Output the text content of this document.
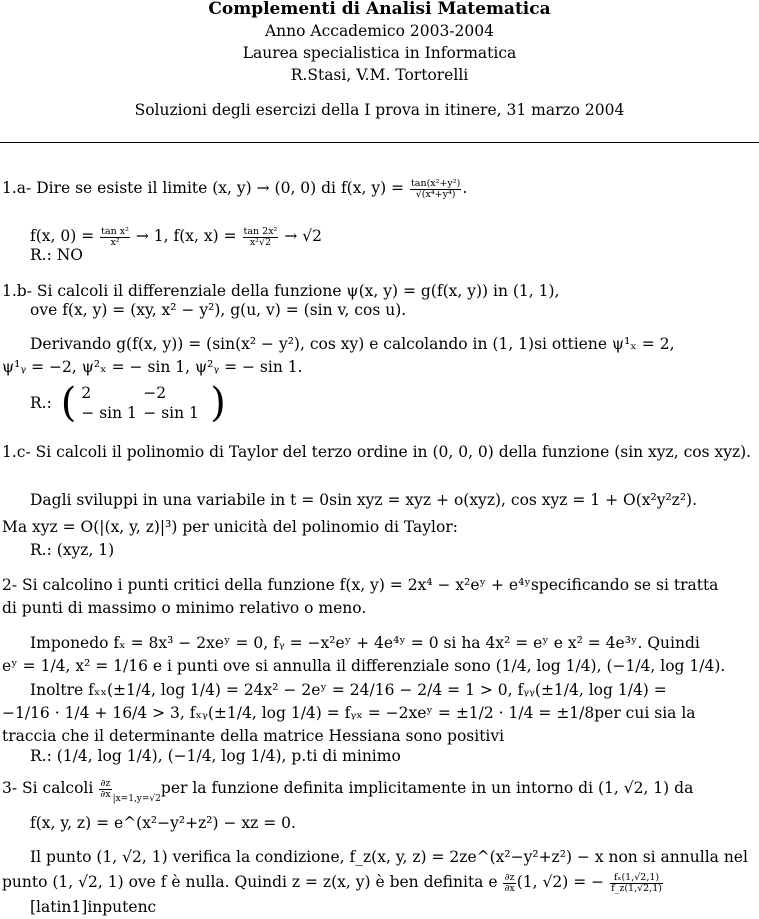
Complementi di Analisi Matematica
Anno Accademico 2003-2004
Laurea specialistica in Informatica
R.Stasi, V.M. Tortorelli
Soluzioni degli esercizi della I prova in itinere, 31 marzo 2004
1.a- Dire se esiste il limite (x, y) → (0, 0) di f(x, $y) = \frac{\text{tan(x²+y²)}}{\text{√(x⁴+y⁴)}}$ .
f(x, $0) = \frac{\text{tan x²}}{\text{x²}} \to 1$, f(x, $x) = \frac{\text{tan 2x²}}{\text{x²√2}} \to √2$
R.: NO
1.b- Si calcoli il differenziale della funzione ψ(x, y) = g(f(x, y)) in (1, 1),
ove f(x, y) = (xy, x² − y²), g(u, v) = (sin v, cos u).
Derivando g(f(x, y)) = (sin(x² − y²), cos xy) e calcolando in (1, 1)si ottiene ψ¹ₓ = 2,
ψ¹ᵧ = −2, ψ²ₓ = − sin 1, ψ²ᵧ = − sin 1.
R.: ( 2	−2
− sin 1 − sin 1 )
1.c- Si calcoli il polinomio di Taylor del terzo ordine in (0, 0, 0) della funzione (sin xyz, cos xyz).
Dagli sviluppi in una variabile in t = 0sin xyz = xyz + o(xyz), cos xyz = 1 + O(x²y²z²).
Ma xyz = O(|(x, y, z)|³) per unicità del polinomio di Taylor:
R.: (xyz, 1)
2- Si calcolino i punti critici della funzione f(x, y) = 2x⁴ − x²eʸ + e⁴ʸspecificando se si tratta
di punti di massimo o minimo relativo o meno.
Imponedo fₓ = 8x³ − 2xeʸ = 0, fᵧ = −x²eʸ + 4e⁴ʸ = 0 si ha 4x² = eʸ e x² = 4e³ʸ. Quindi
eʸ = 1/4, x² = 1/16 e i punti ove si annulla il differenziale sono (1/4, log 1/4), (−1/4, log 1/4).
Inoltre fₓₓ(±1/4, log 1/4) = 24x² − 2eʸ = 24/16 − 2/4 = 1 > 0, fᵧᵧ(±1/4, log 1/4) =
−1/16 · 1/4 + 16/4 > 3, fₓᵧ(±1/4, log 1/4) = fᵧₓ = −2xeʸ = ±1/2 · 1/4 = ±1/8per cui sia la
traccia che il determinante della matrice Hessiana sono positivi
R.: (1/4, log 1/4), (−1/4, log 1/4), p.ti di minimo
3- Si calcoli $\frac{\partial z}{\partial x} _{|x=1,y=√2}per$ la funzione definita implicitamente in un intorno di (1, √2, 1) da
f(x, y, z) = e^(x²−y²+z²) − xz = 0.
Il punto (1, √2, 1) verifica la condizione, f_z(x, y, z) = 2ze^(x²−y²+z²) − x non si annulla nel
punto (1, √2, 1) ove f è nulla. Quindi z = z(x, y) è ben definita e $\frac{\partial z}{\partial x} (1$, √2) = − $\frac{\text{fₓ(1,√2,1)}}{f\_z(1,√2,1)}$
[latin1]inputenc
